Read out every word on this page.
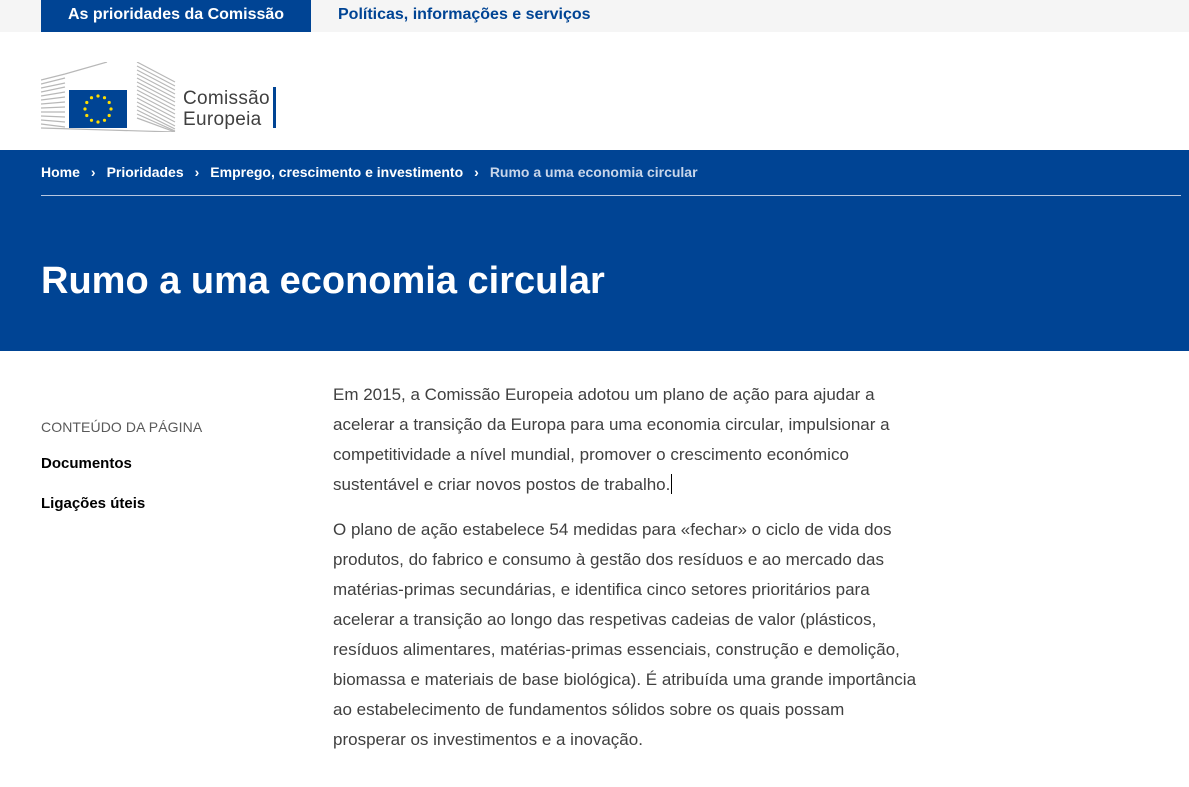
As prioridades da Comissão	Políticas, informações e serviços
Comissão
Europeia
Home › Prioridades › Emprego, crescimento e investimento › Rumo a uma economia circular
Rumo a uma economia circular
CONTEÚDO DA PÁGINA
Documentos
Ligações úteis

Em 2015, a Comissão Europeia adotou um plano de ação para ajudar a acelerar a transição da Europa para uma economia circular, impulsionar a competitividade a nível mundial, promover o crescimento económico sustentável e criar novos postos de trabalho.

O plano de ação estabelece 54 medidas para «fechar» o ciclo de vida dos produtos, do fabrico e consumo à gestão dos resíduos e ao mercado das matérias-primas secundárias, e identifica cinco setores prioritários para acelerar a transição ao longo das respetivas cadeias de valor (plásticos, resíduos alimentares, matérias-primas essenciais, construção e demolição, biomassa e materiais de base biológica). É atribuída uma grande importância ao estabelecimento de fundamentos sólidos sobre os quais possam prosperar os investimentos e a inovação.
